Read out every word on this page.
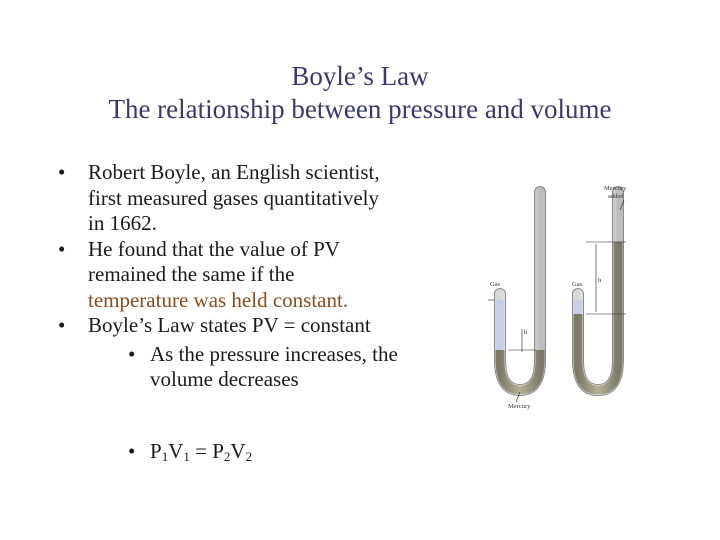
Boyle’s Law
The relationship between pressure and volume
• Robert Boyle, an English scientist,
first measured gases quantitatively
in 1662.
• He found that the value of PV
remained the same if the
temperature was held constant.
• Boyle’s Law states PV = constant
• As the pressure increases, the
volume decreases
• $P_1V_1 = P_2V_2$
Gas
h
Gas
h
Mercury
added
Mercury
